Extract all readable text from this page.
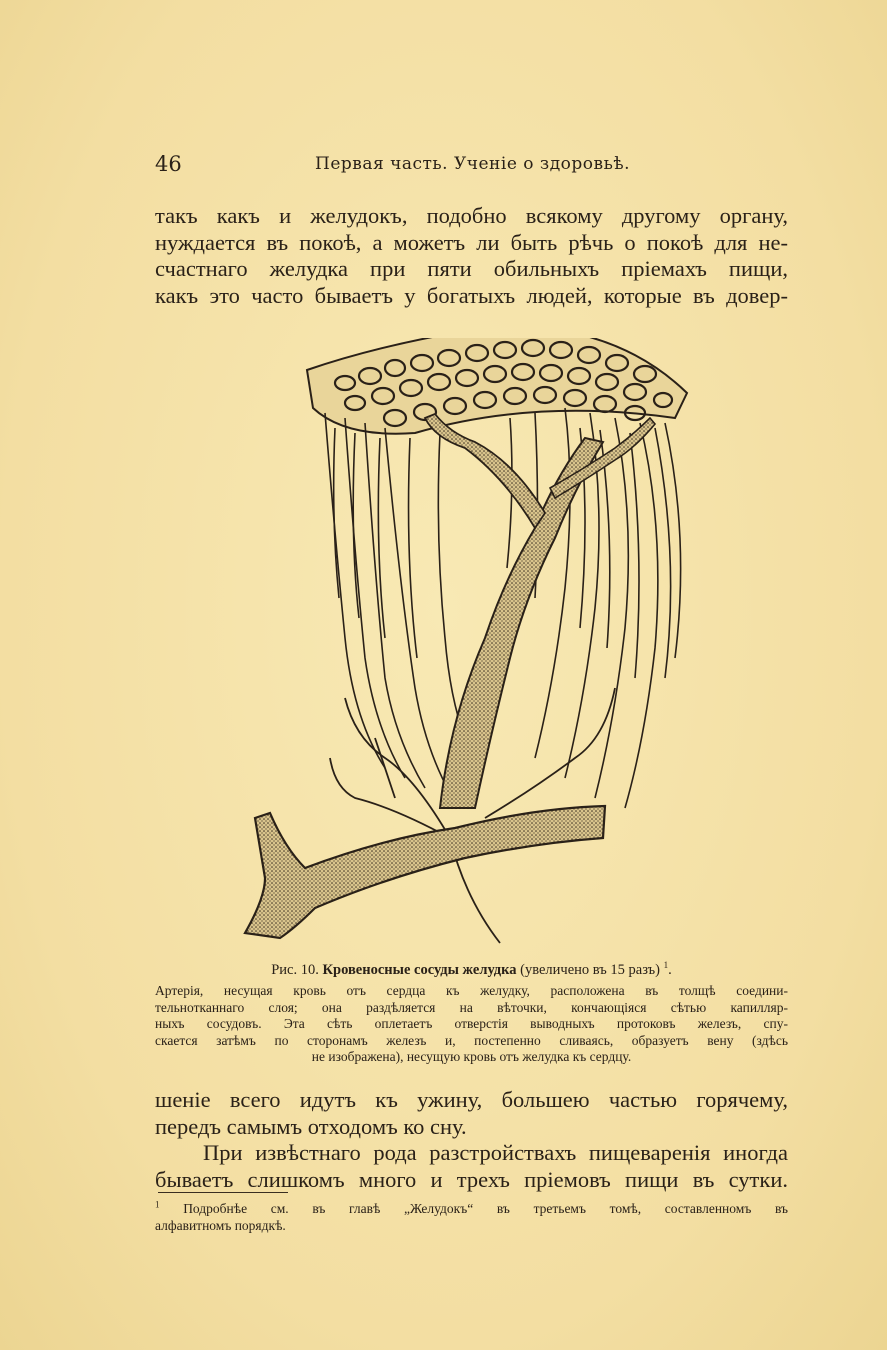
46	Первая часть. Ученіе о здоровьѣ.

такъ какъ и желудокъ, подобно всякому другому органу,
нуждается въ покоѣ, а можетъ ли быть рѣчь о покоѣ для не-
счастнаго желудка при пяти обильныхъ пріемахъ пищи,
какъ это часто бываетъ у богатыхъ людей, которые въ довер-

Рис. 10. Кровеносные сосуды желудка (увеличено въ 15 разъ) $^1$.
Артерія, несущая кровь отъ сердца къ желудку, расположена въ толщѣ соедини-
тельнотканнаго слоя; она раздѣляется на вѣточки, кончающіяся сѣтью капилляр-
ныхъ сосудовъ. Эта сѣть оплетаетъ отверстія выводныхъ протоковъ железъ, спу-
скается затѣмъ по сторонамъ железъ и, постепенно сливаясь, образуетъ вену (здѣсь
не изображена), несущую кровь отъ желудка къ сердцу.

шеніе всего идутъ къ ужину, большею частью горячему,
передъ самымъ отходомъ ко сну.

При извѣстнаго рода разстройствахъ пищеваренія иногда
бываетъ слишкомъ много и трехъ пріемовъ пищи въ сутки.

$^1$ Подробнѣе см. въ главѣ „Желудокъ“ въ третьемъ томѣ, составленномъ въ
алфавитномъ порядкѣ.
